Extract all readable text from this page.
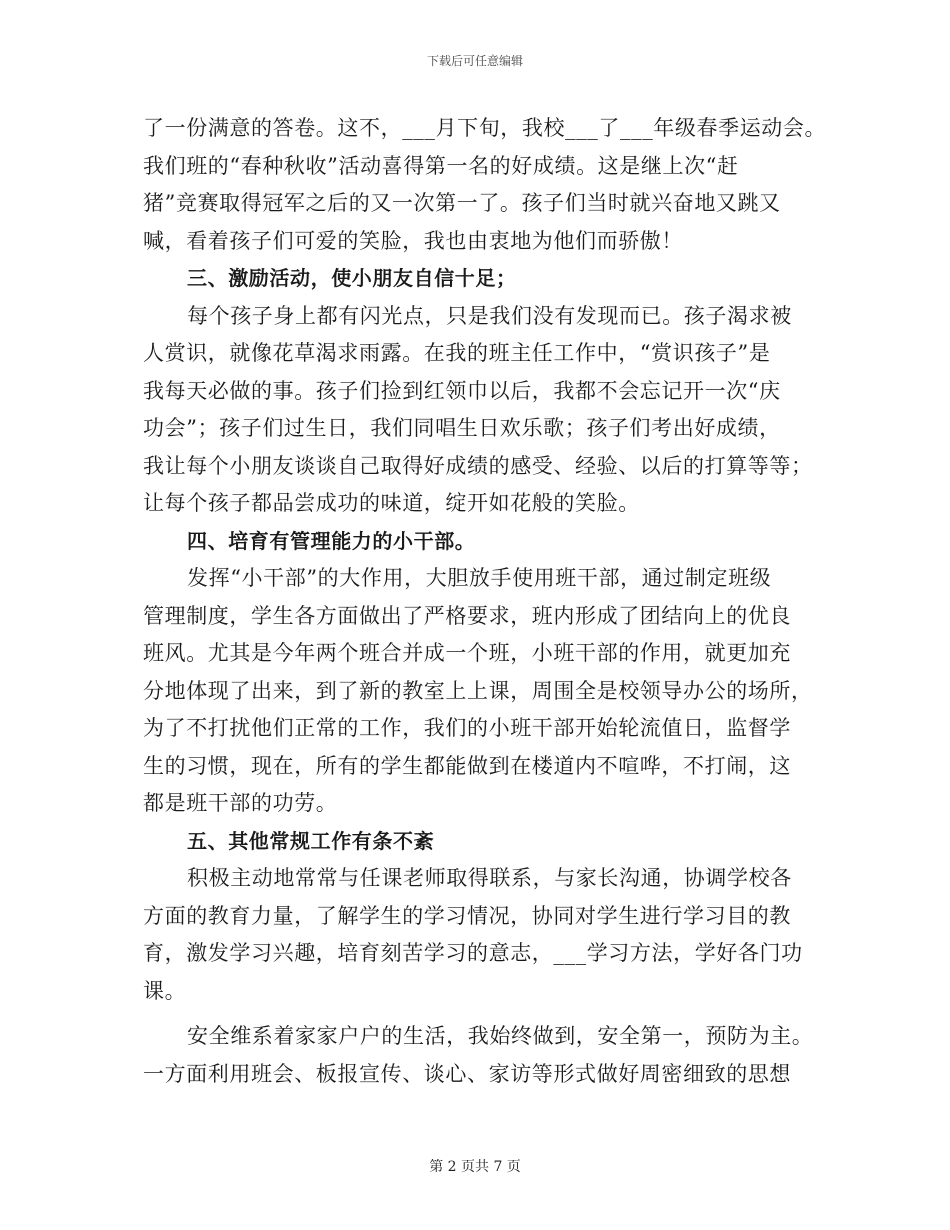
下载后可任意编辑
了一份满意的答卷。这不，___月下旬，我校___了___年级春季运动会。
我们班的“春种秋收”活动喜得第一名的好成绩。这是继上次“赶
猪”竞赛取得冠军之后的又一次第一了。孩子们当时就兴奋地又跳又
喊，看着孩子们可爱的笑脸，我也由衷地为他们而骄傲！
三、激励活动，使小朋友自信十足；
每个孩子身上都有闪光点，只是我们没有发现而已。孩子渴求被
人赏识，就像花草渴求雨露。在我的班主任工作中，“赏识孩子”是
我每天必做的事。孩子们捡到红领巾以后，我都不会忘记开一次“庆
功会”；孩子们过生日，我们同唱生日欢乐歌；孩子们考出好成绩，
我让每个小朋友谈谈自己取得好成绩的感受、经验、以后的打算等等；
让每个孩子都品尝成功的味道，绽开如花般的笑脸。
四、培育有管理能力的小干部。
发挥“小干部”的大作用，大胆放手使用班干部，通过制定班级
管理制度，学生各方面做出了严格要求，班内形成了团结向上的优良
班风。尤其是今年两个班合并成一个班，小班干部的作用，就更加充
分地体现了出来，到了新的教室上上课，周围全是校领导办公的场所，
为了不打扰他们正常的工作，我们的小班干部开始轮流值日，监督学
生的习惯，现在，所有的学生都能做到在楼道内不喧哗，不打闹，这
都是班干部的功劳。
五、其他常规工作有条不紊
积极主动地常常与任课老师取得联系，与家长沟通，协调学校各
方面的教育力量，了解学生的学习情况，协同对学生进行学习目的教
育，激发学习兴趣，培育刻苦学习的意志，___学习方法，学好各门功
课。
安全维系着家家户户的生活，我始终做到，安全第一，预防为主。
一方面利用班会、板报宣传、谈心、家访等形式做好周密细致的思想
第 2 页共 7 页
